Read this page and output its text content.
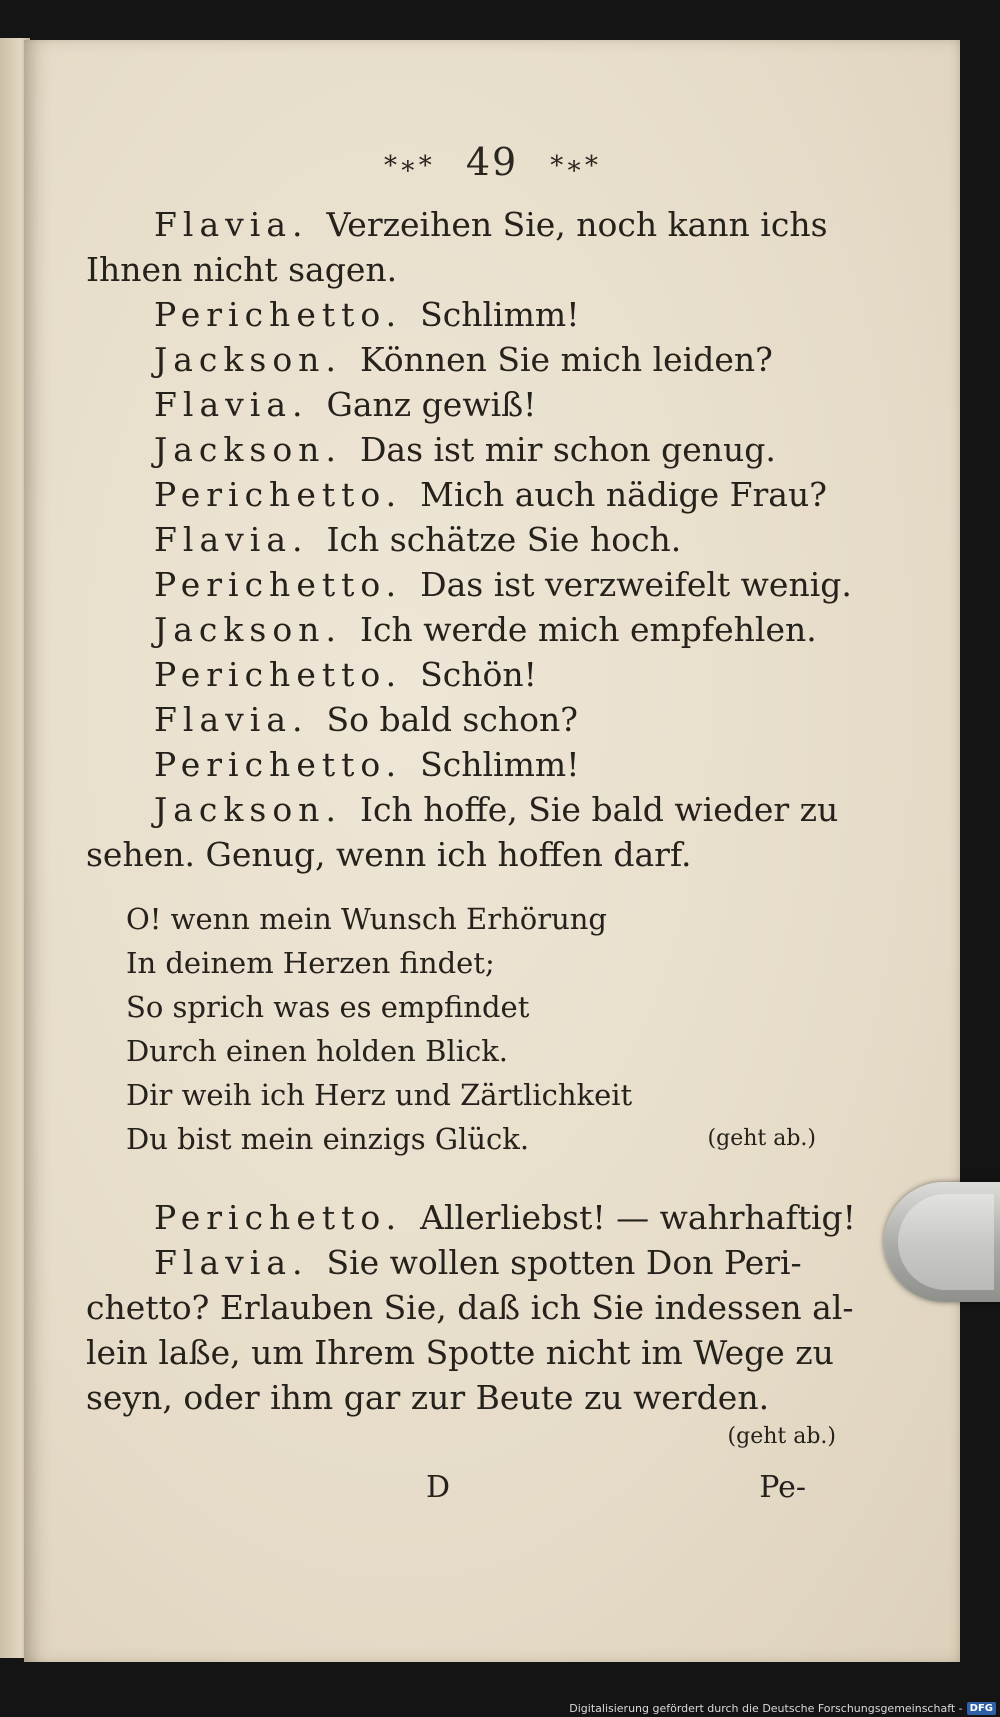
*∗* 49 *∗*
Flavia. Verzeihen Sie, noch kann ichs
Ihnen nicht sagen.
Perichetto. Schlimm!
Jackson. Können Sie mich leiden?
Flavia. Ganz gewiß!
Jackson. Das ist mir schon genug.
Perichetto. Mich auch nädige Frau?
Flavia. Ich schätze Sie hoch.
Perichetto. Das ist verzweifelt wenig.
Jackson. Ich werde mich empfehlen.
Perichetto. Schön!
Flavia. So bald schon?
Perichetto. Schlimm!
Jackson. Ich hoffe, Sie bald wieder zu
sehen. Genug, wenn ich hoffen darf.
O! wenn mein Wunsch Erhörung
In deinem Herzen findet;
So sprich was es empfindet
Durch einen holden Blick.
Dir weih ich Herz und Zärtlichkeit
Du bist mein einzigs Glück.	(geht ab.)
Perichetto. Allerliebst! — wahrhaftig!
Flavia. Sie wollen spotten Don Peri-
chetto? Erlauben Sie, daß ich Sie indessen al-
lein laße, um Ihrem Spotte nicht im Wege zu
seyn, oder ihm gar zur Beute zu werden.
(geht ab.)
D	Pe-
Digitalisierung gefördert durch die Deutsche Forschungsgemeinschaft - DFG
